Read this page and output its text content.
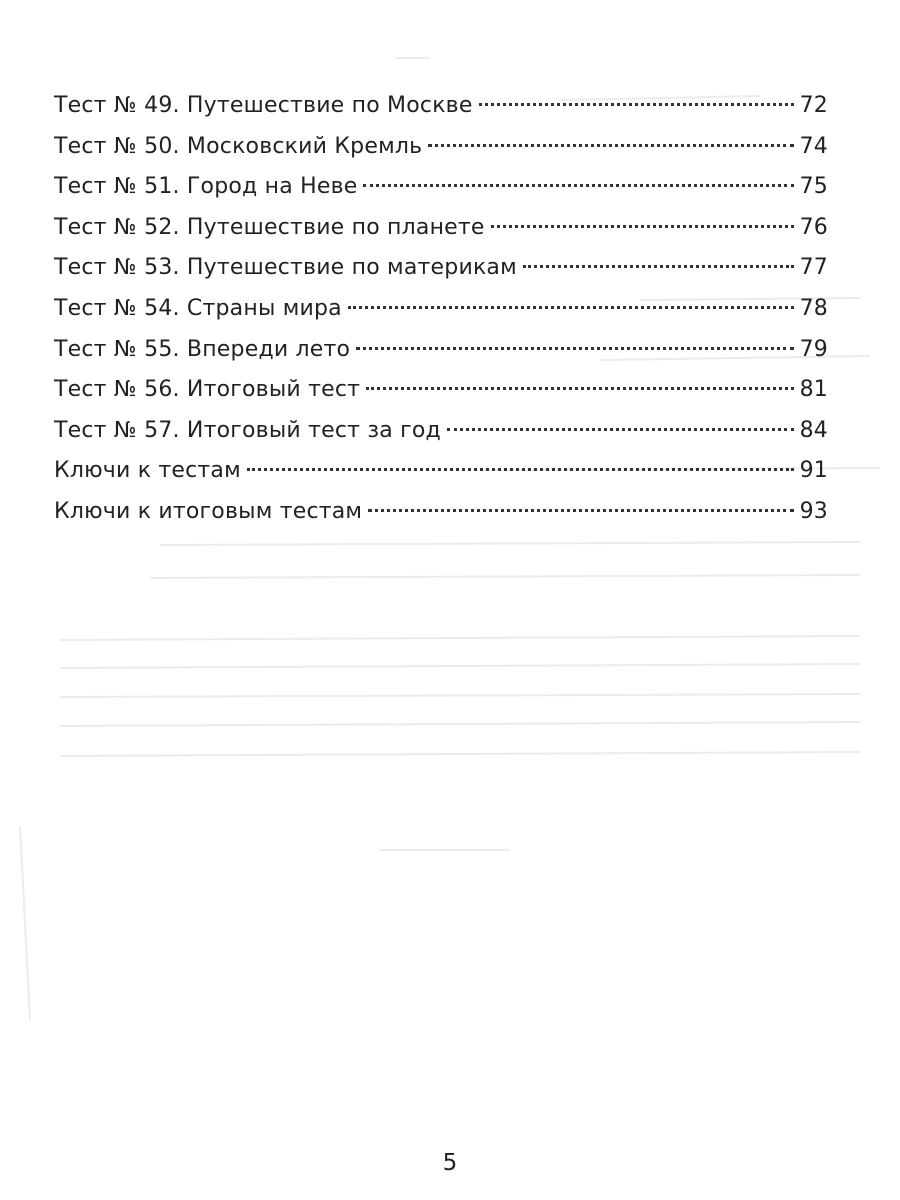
Тест № 49. Путешествие по Москве	72
Тест № 50. Московский Кремль	74
Тест № 51. Город на Неве	75
Тест № 52. Путешествие по планете	76
Тест № 53. Путешествие по материкам	77
Тест № 54. Страны мира	78
Тест № 55. Впереди лето	79
Тест № 56. Итоговый тест	81
Тест № 57. Итоговый тест за год	84
Ключи к тестам	91
Ключи к итоговым тестам	93
5
